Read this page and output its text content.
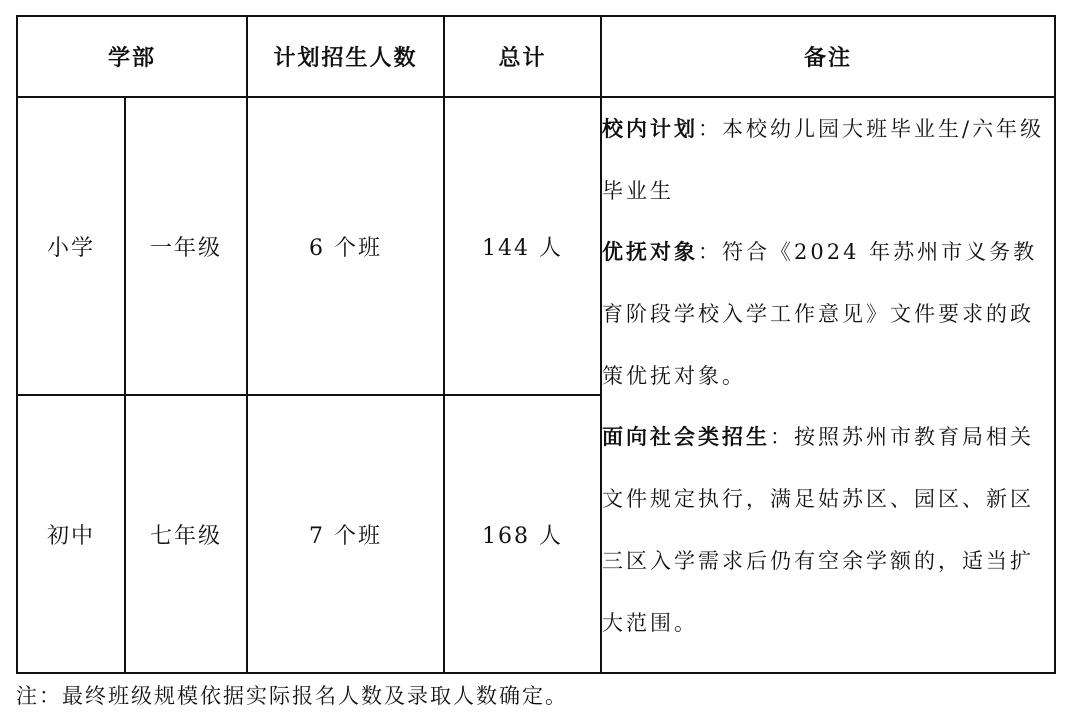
学部		计划招生人数	总计	备注
小学	一年级	6 个班	144 人	校内计划：本校幼儿园大班毕业生/六年级毕业生

优抚对象：符合《2024 年苏州市义务教育阶段学校入学工作意见》文件要求的政策优抚对象。

面向社会类招生：按照苏州市教育局相关文件规定执行，满足姑苏区、园区、新区三区入学需求后仍有空余学额的，适当扩大范围。

初中	七年级	7 个班	168 人	
注：最终班级规模依据实际报名人数及录取人数确定。
